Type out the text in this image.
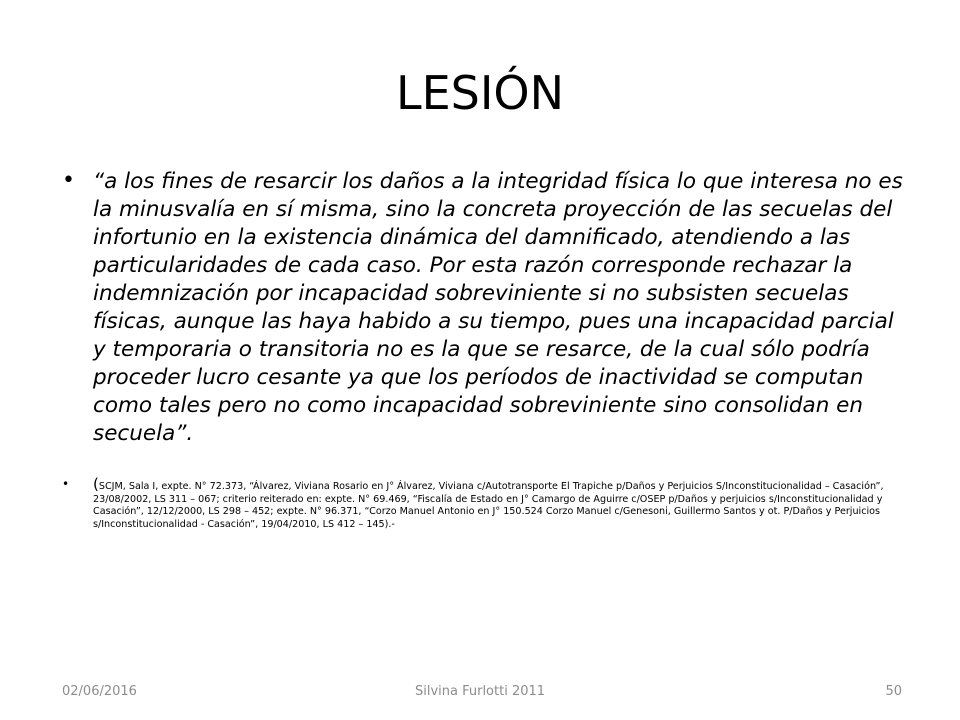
LESIÓN
• “a los fines de resarcir los daños a la integridad física lo que interesa no es la minusvalía en sí misma, sino la concreta proyección de las secuelas del infortunio en la existencia dinámica del damnificado, atendiendo a las particularidades de cada caso. Por esta razón corresponde rechazar la indemnización por incapacidad sobreviniente si no subsisten secuelas físicas, aunque las haya habido a su tiempo, pues una incapacidad parcial y temporaria o transitoria no es la que se resarce, de la cual sólo podría proceder lucro cesante ya que los períodos de inactividad se computan como tales pero no como incapacidad sobreviniente sino consolidan en secuela”.

• (SCJM, Sala I, expte. N° 72.373, “Álvarez, Viviana Rosario en J° Álvarez, Viviana c/Autotransporte El Trapiche p/Daños y Perjuicios S/Inconstitucionalidad – Casación”, 23/08/2002, LS 311 – 067; criterio reiterado en: expte. N° 69.469, “Fiscalía de Estado en J° Camargo de Aguirre c/OSEP p/Daños y perjuicios s/Inconstitucionalidad y Casación”, 12/12/2000, LS 298 – 452; expte. N° 96.371, “Corzo Manuel Antonio en J° 150.524 Corzo Manuel c/Genesoni, Guillermo Santos y ot. P/Daños y Perjuicios s/Inconstitucionalidad - Casación”, 19/04/2010, LS 412 – 145).-

02/06/2016	Silvina Furlotti 2011	50
